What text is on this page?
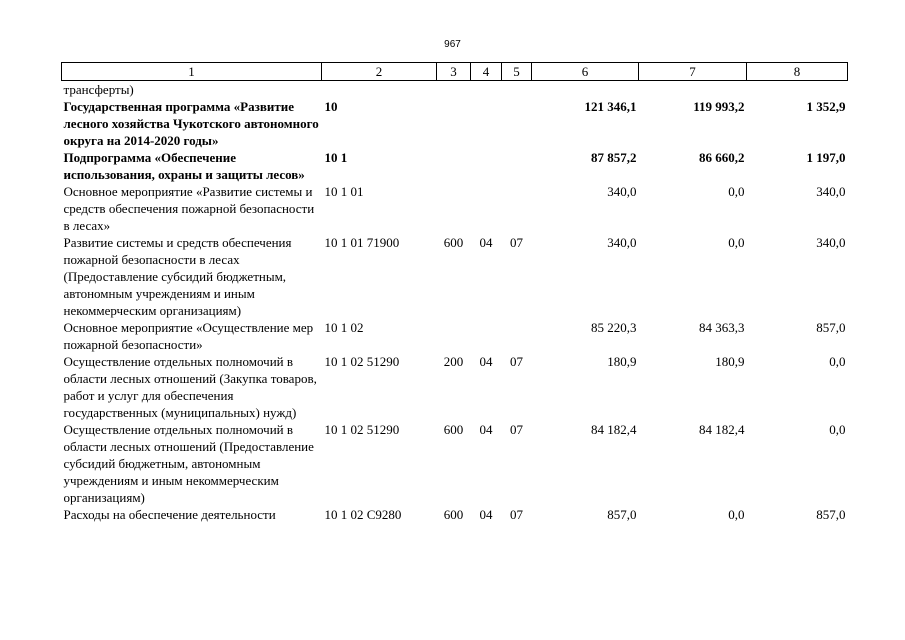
967
1	2	3	4	5	6	7	8
трансферты)							
Государственная программа «Развитие лесного хозяйства Чукотского автономного округа на 2014-2020 годы»	10				121 346,1	119 993,2	1 352,9
Подпрограмма «Обеспечение использования, охраны и защиты лесов»	10 1				87 857,2	86 660,2	1 197,0
Основное мероприятие «Развитие системы и средств обеспечения пожарной безопасности в лесах»	10 1 01				340,0	0,0	340,0
Развитие системы и средств обеспечения пожарной безопасности в лесах (Предоставление субсидий бюджетным, автономным учреждениям и иным некоммерческим организациям)	10 1 01 71900	600	04	07	340,0	0,0	340,0
Основное мероприятие «Осуществление мер пожарной безопасности»	10 1 02				85 220,3	84 363,3	857,0
Осуществление отдельных полномочий в области лесных отношений (Закупка товаров, работ и услуг для обеспечения государственных (муниципальных) нужд)	10 1 02 51290	200	04	07	180,9	180,9	0,0
Осуществление отдельных полномочий в области лесных отношений (Предоставление субсидий бюджетным, автономным учреждениям и иным некоммерческим организациям)	10 1 02 51290	600	04	07	84 182,4	84 182,4	0,0
Расходы на обеспечение деятельности	10 1 02 С9280	600	04	07	857,0	0,0	857,0
